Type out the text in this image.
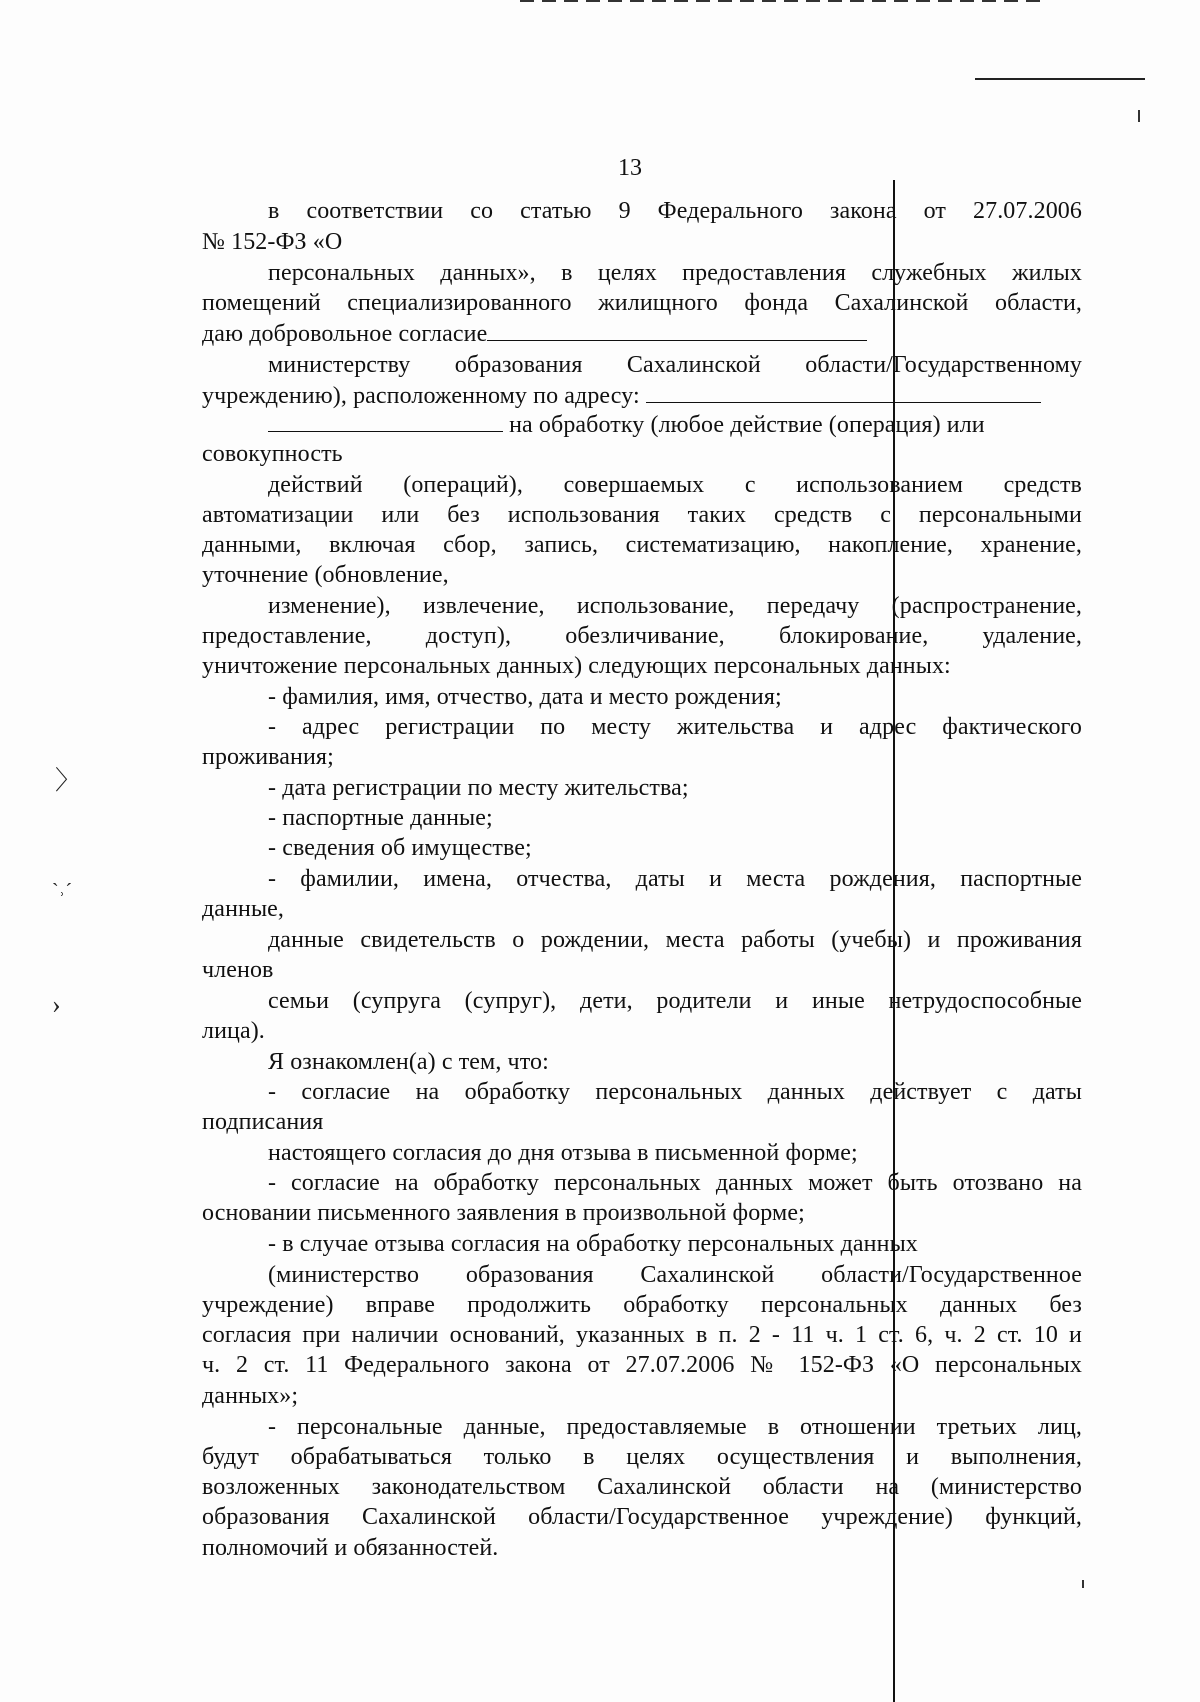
〉
ˋ˒ˊ
›
13
в соответствии со статью 9 Федерального закона от 27.07.2006
№ 152-ФЗ «О
персональных данных», в целях предоставления служебных жилых
помещений специализированного жилищного фонда Сахалинской области,
даю добровольное согласие
министерству образования Сахалинской области/Государственному
учреждению), расположенному по адресу:
на обработку (любое действие (операция) или
совокупность
действий (операций), совершаемых с использованием средств
автоматизации или без использования таких средств с персональными
данными, включая сбор, запись, систематизацию, накопление, хранение,
уточнение (обновление,
изменение), извлечение, использование, передачу (распространение,
предоставление, доступ), обезличивание, блокирование, удаление,
уничтожение персональных данных) следующих персональных данных:
- фамилия, имя, отчество, дата и место рождения;
- адрес регистрации по месту жительства и адрес фактического
проживания;
- дата регистрации по месту жительства;
- паспортные данные;
- сведения об имуществе;
- фамилии, имена, отчества, даты и места рождения, паспортные
данные,
данные свидетельств о рождении, места работы (учебы) и проживания
членов
семьи (супруга (супруг), дети, родители и иные нетрудоспособные
лица).
Я ознакомлен(а) с тем, что:
- согласие на обработку персональных данных действует с даты
подписания
настоящего согласия до дня отзыва в письменной форме;
- согласие на обработку персональных данных может быть отозвано на
основании письменного заявления в произвольной форме;
- в случае отзыва согласия на обработку персональных данных
(министерство образования Сахалинской области/Государственное
учреждение) вправе продолжить обработку персональных данных без
согласия при наличии оснований, указанных в п. 2 - 11 ч. 1 ст. 6, ч. 2 ст. 10 и
ч. 2 ст. 11 Федерального закона от 27.07.2006 № 152-ФЗ «О персональных
данных»;
- персональные данные, предоставляемые в отношении третьих лиц,
будут обрабатываться только в целях осуществления и выполнения,
возложенных законодательством Сахалинской области на (министерство
образования Сахалинской области/Государственное учреждение) функций,
полномочий и обязанностей.
